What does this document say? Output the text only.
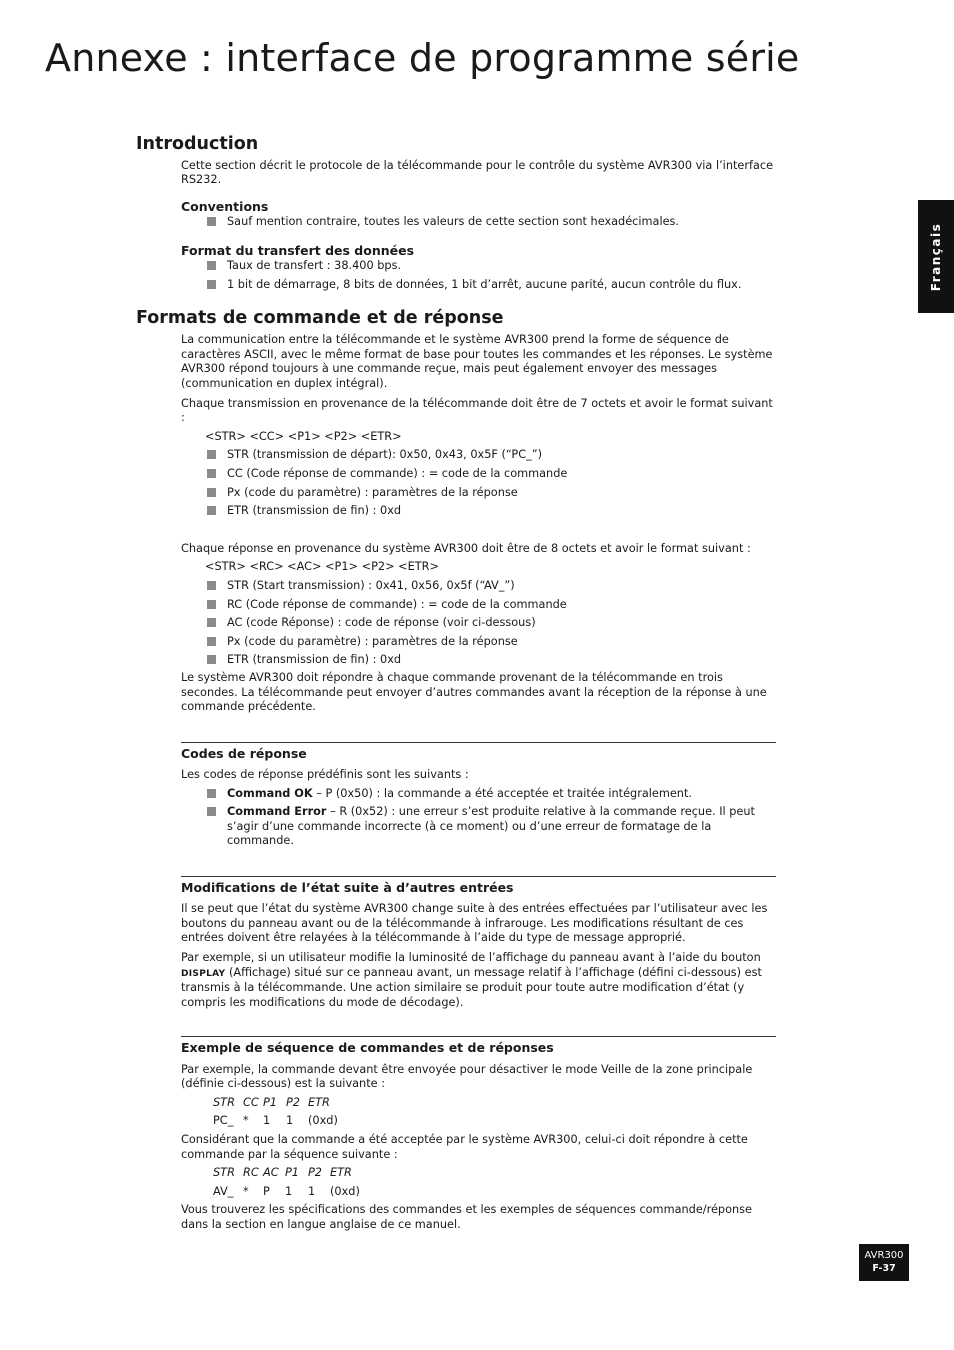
Annexe : interface de programme série
Français
Introduction

Cette section décrit le protocole de la télécommande pour le contrôle du système AVR300 via l’interface RS232.

Conventions
Sauf mention contraire, toutes les valeurs de cette section sont hexadécimales.
Format du transfert des données
Taux de transfert : 38.400 bps.
1 bit de démarrage, 8 bits de données, 1 bit d’arrêt, aucune parité, aucun contrôle du flux.
Formats de commande et de réponse

La communication entre la télécommande et le système AVR300 prend la forme de séquence de caractères ASCII, avec le même format de base pour toutes les commandes et les réponses. Le système AVR300 répond toujours à une commande reçue, mais peut également envoyer des messages (communication en duplex intégral).

Chaque transmission en provenance de la télécommande doit être de 7 octets et avoir le format suivant :

<STR> <CC> <P1> <P2> <ETR>
STR (transmission de départ): 0x50, 0x43, 0x5F (“PC_”)
CC (Code réponse de commande) : = code de la commande
Px (code du paramètre) : paramètres de la réponse
ETR (transmission de fin) : 0xd

Chaque réponse en provenance du système AVR300 doit être de 8 octets et avoir le format suivant :

<STR> <RC> <AC> <P1> <P2> <ETR>
STR (Start transmission) : 0x41, 0x56, 0x5f (“AV_”)
RC (Code réponse de commande) : = code de la commande
AC (code Réponse) : code de réponse (voir ci-dessous)
Px (code du paramètre) : paramètres de la réponse
ETR (transmission de fin) : 0xd

Le système AVR300 doit répondre à chaque commande provenant de la télécommande en trois secondes. La télécommande peut envoyer d’autres commandes avant la réception de la réponse à une commande précédente.

Codes de réponse

Les codes de réponse prédéfinis sont les suivants :

Command OK – P (0x50) : la commande a été acceptée et traitée intégralement.
Command Error – R (0x52) : une erreur s’est produite relative à la commande reçue. Il peut s’agir d’une commande incorrecte (à ce moment) ou d’une erreur de formatage de la commande.
Modifications de l’état suite à d’autres entrées

Il se peut que l’état du système AVR300 change suite à des entrées effectuées par l’utilisateur avec les boutons du panneau avant ou de la télécommande à infrarouge. Les modifications résultant de ces entrées doivent être relayées à la télécommande à l’aide du type de message approprié.

Par exemple, si un utilisateur modifie la luminosité de l’affichage du panneau avant à l’aide du bouton DISPLAY (Affichage) situé sur ce panneau avant, un message relatif à l’affichage (défini ci-dessous) est transmis à la télécommande. Une action similaire se produit pour toute autre modification d’état (y compris les modifications du mode de décodage).

Exemple de séquence de commandes et de réponses

Par exemple, la commande devant être envoyée pour désactiver le mode Veille de la zone principale (définie ci-dessous) est la suivante :

STR CC P1 P2 ETR
PC_ * 1 1 (0xd)

Considérant que la commande a été acceptée par le système AVR300, celui-ci doit répondre à cette commande par la séquence suivante :

STR RC AC P1 P2 ETR
AV_ * P 1 1 (0xd)

Vous trouverez les spécifications des commandes et les exemples de séquences commande/réponse dans la section en langue anglaise de ce manuel.

AVR300
F-37
